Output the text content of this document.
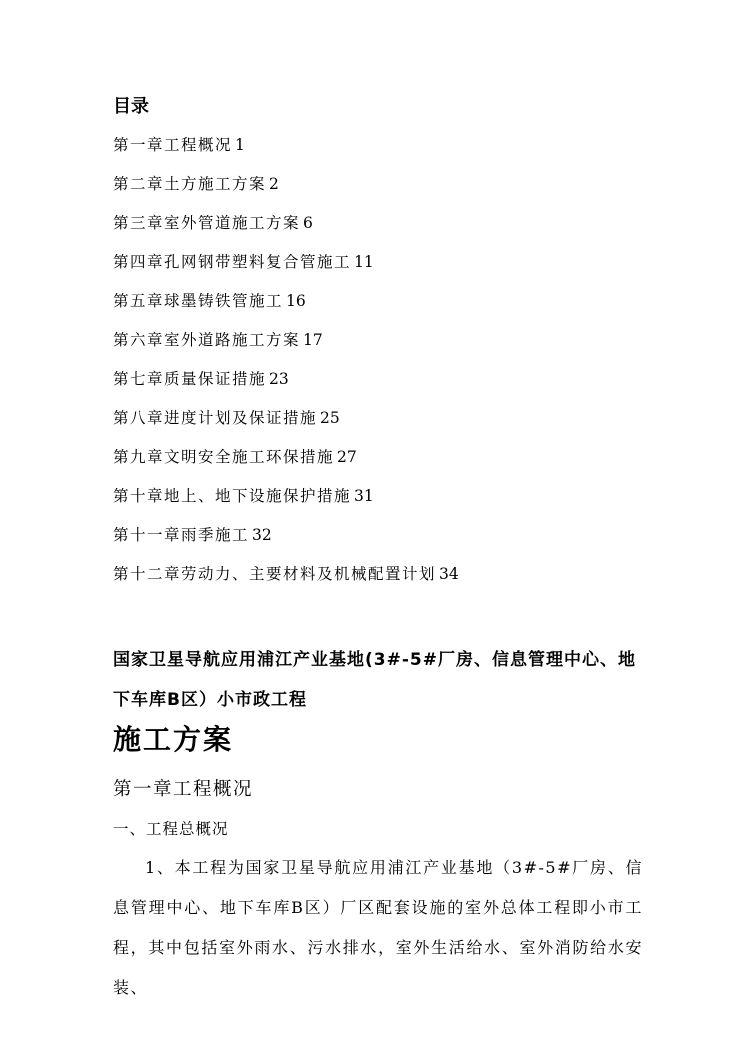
目录
第一章工程概况 1
第二章土方施工方案 2
第三章室外管道施工方案 6
第四章孔网钢带塑料复合管施工 11
第五章球墨铸铁管施工 16
第六章室外道路施工方案 17
第七章质量保证措施 23
第八章进度计划及保证措施 25
第九章文明安全施工环保措施 27
第十章地上、地下设施保护措施 31
第十一章雨季施工 32
第十二章劳动力、主要材料及机械配置计划 34
国家卫星导航应用浦江产业基地(3#-5#厂房、信息管理中心、地下车库B区）小市政工程
施工方案
第一章工程概况
一、工程总概况

1、本工程为国家卫星导航应用浦江产业基地（3#-5#厂房、信息管理中心、地下车库B区）厂区配套设施的室外总体工程即小市工程，其中包括室外雨水、污水排水，室外生活给水、室外消防给水安装、
